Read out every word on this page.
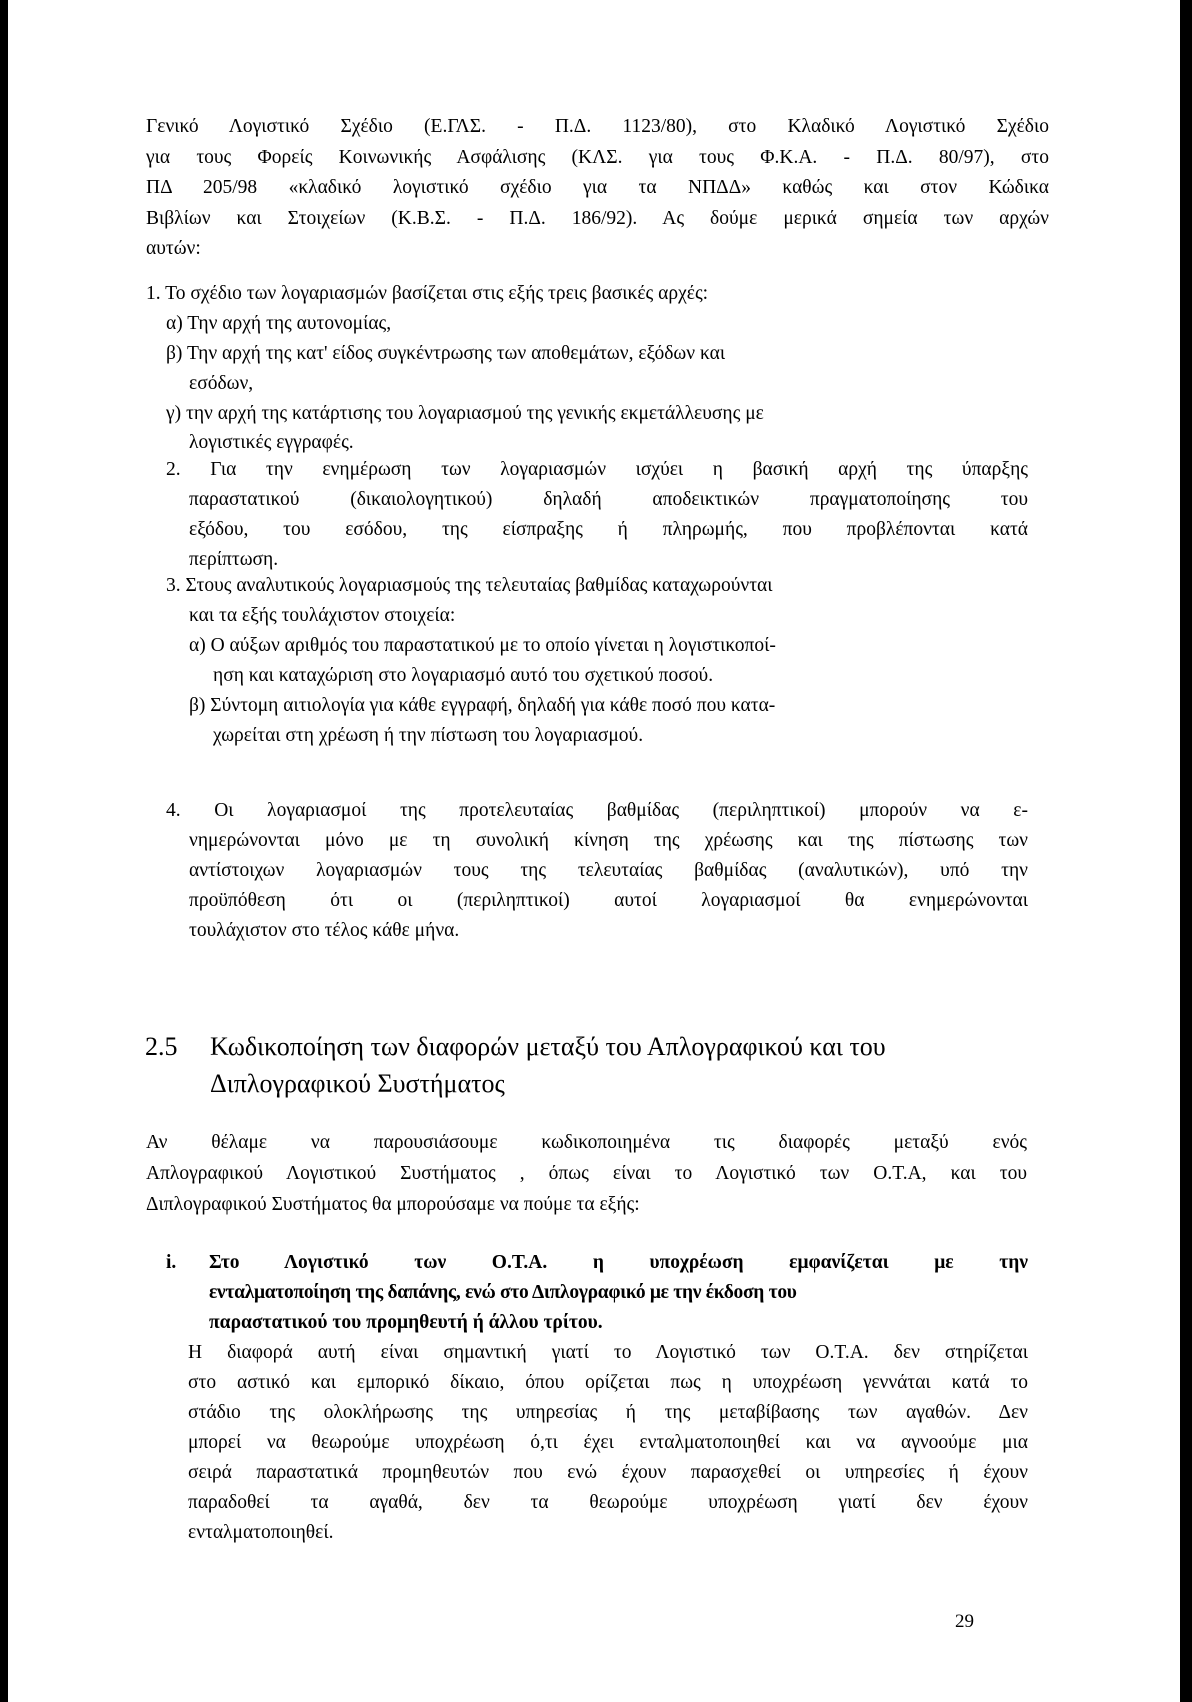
Γενικό Λογιστικό Σχέδιο (Ε.ΓΛΣ. - Π.Δ. 1123/80), στο Κλαδικό Λογιστικό Σχέδιο
για τους Φορείς Κοινωνικής Ασφάλισης (ΚΛΣ. για τους Φ.Κ.Α. - Π.Δ. 80/97), στο
ΠΔ 205/98 «κλαδικό λογιστικό σχέδιο για τα ΝΠΔΔ» καθώς και στον Κώδικα
Βιβλίων και Στοιχείων (Κ.Β.Σ. - Π.Δ. 186/92). Ας δούμε μερικά σημεία των αρχών
αυτών:
1. Το σχέδιο των λογαριασμών βασίζεται στις εξής τρεις βασικές αρχές:
α) Την αρχή της αυτονομίας,
β) Την αρχή της κατ' είδος συγκέντρωσης των αποθεμάτων, εξόδων και
εσόδων,
γ) την αρχή της κατάρτισης του λογαριασμού της γενικής εκμετάλλευσης με
λογιστικές εγγραφές.
2. Για την ενημέρωση των λογαριασμών ισχύει η βασική αρχή της ύπαρξης
παραστατικού (δικαιολογητικού) δηλαδή αποδεικτικών πραγματοποίησης του
εξόδου, του εσόδου, της είσπραξης ή πληρωμής, που προβλέπονται κατά
περίπτωση.
3. Στους αναλυτικούς λογαριασμούς της τελευταίας βαθμίδας καταχωρούνται
και τα εξής τουλάχιστον στοιχεία:
α) Ο αύξων αριθμός του παραστατικού με το οποίο γίνεται η λογιστικοποί-
ηση και καταχώριση στο λογαριασμό αυτό του σχετικού ποσού.
β) Σύντομη αιτιολογία για κάθε εγγραφή, δηλαδή για κάθε ποσό που κατα-
χωρείται στη χρέωση ή την πίστωση του λογαριασμού.
4. Οι λογαριασμοί της προτελευταίας βαθμίδας (περιληπτικοί) μπορούν να ε-
νημερώνονται μόνο με τη συνολική κίνηση της χρέωσης και της πίστωσης των
αντίστοιχων λογαριασμών τους της τελευταίας βαθμίδας (αναλυτικών), υπό την
προϋπόθεση ότι οι (περιληπτικοί) αυτοί λογαριασμοί θα ενημερώνονται
τουλάχιστον στο τέλος κάθε μήνα.
2.5 Κωδικοποίηση των διαφορών μεταξύ του Απλογραφικού και του
Διπλογραφικού Συστήματος
Αν θέλαμε να παρουσιάσουμε κωδικοποιημένα τις διαφορές μεταξύ ενός
Απλογραφικού Λογιστικού Συστήματος , όπως είναι το Λογιστικό των Ο.Τ.Α, και του
Διπλογραφικού Συστήματος θα μπορούσαμε να πούμε τα εξής:
i. Στο Λογιστικό των Ο.Τ.Α. η υποχρέωση εμφανίζεται με την
ενταλματοποίηση της δαπάνης, ενώ στο Διπλογραφικό με την έκδοση του
παραστατικού του προμηθευτή ή άλλου τρίτου.
Η διαφορά αυτή είναι σημαντική γιατί το Λογιστικό των Ο.Τ.Α. δεν στηρίζεται
στο αστικό και εμπορικό δίκαιο, όπου ορίζεται πως η υποχρέωση γεννάται κατά το
στάδιο της ολοκλήρωσης της υπηρεσίας ή της μεταβίβασης των αγαθών. Δεν
μπορεί να θεωρούμε υποχρέωση ό,τι έχει ενταλματοποιηθεί και να αγνοούμε μια
σειρά παραστατικά προμηθευτών που ενώ έχουν παρασχεθεί οι υπηρεσίες ή έχουν
παραδοθεί τα αγαθά, δεν τα θεωρούμε υποχρέωση γιατί δεν έχουν
ενταλματοποιηθεί.
29
